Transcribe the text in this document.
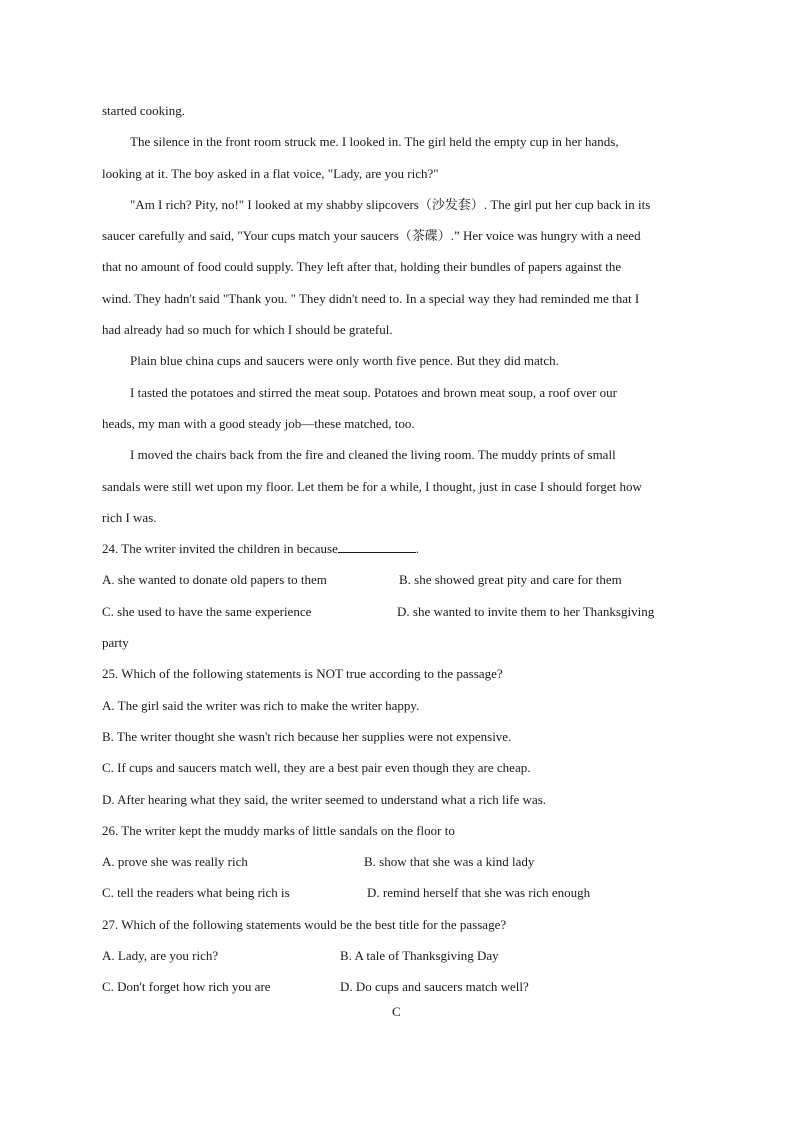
started cooking.
The silence in the front room struck me. I looked in. The girl held the empty cup in her hands,
looking at it. The boy asked in a flat voice, "Lady, are you rich?"
"Am I rich? Pity, no!" I looked at my shabby slipcovers（沙发套）. The girl put her cup back in its
saucer carefully and said, "Your cups match your saucers（茶碟）.” Her voice was hungry with a need
that no amount of food could supply. They left after that, holding their bundles of papers against the
wind. They hadn't said "Thank you. " They didn't need to. In a special way they had reminded me that I
had already had so much for which I should be grateful.
Plain blue china cups and saucers were only worth five pence. But they did match.
I tasted the potatoes and stirred the meat soup. Potatoes and brown meat soup, a roof over our
heads, my man with a good steady job—these matched, too.
I moved the chairs back from the fire and cleaned the living room. The muddy prints of small
sandals were still wet upon my floor. Let them be for a while, I thought, just in case I should forget how
rich I was.
24. The writer invited the children in because	.
A. she wanted to donate old papers to them	B. she showed great pity and care for them
C. she used to have the same experience	D. she wanted to invite them to her Thanksgiving
party
25. Which of the following statements is NOT true according to the passage?
A. The girl said the writer was rich to make the writer happy.
B. The writer thought she wasn't rich because her supplies were not expensive.
C. If cups and saucers match well, they are a best pair even though they are cheap.
D. After hearing what they said, the writer seemed to understand what a rich life was.
26. The writer kept the muddy marks of little sandals on the floor to
A. prove she was really rich	B. show that she was a kind lady
C. tell the readers what being rich is	D. remind herself that she was rich enough
27. Which of the following statements would be the best title for the passage?
A. Lady, are you rich?	B. A tale of Thanksgiving Day
C. Don't forget how rich you are	D. Do cups and saucers match well?
C
